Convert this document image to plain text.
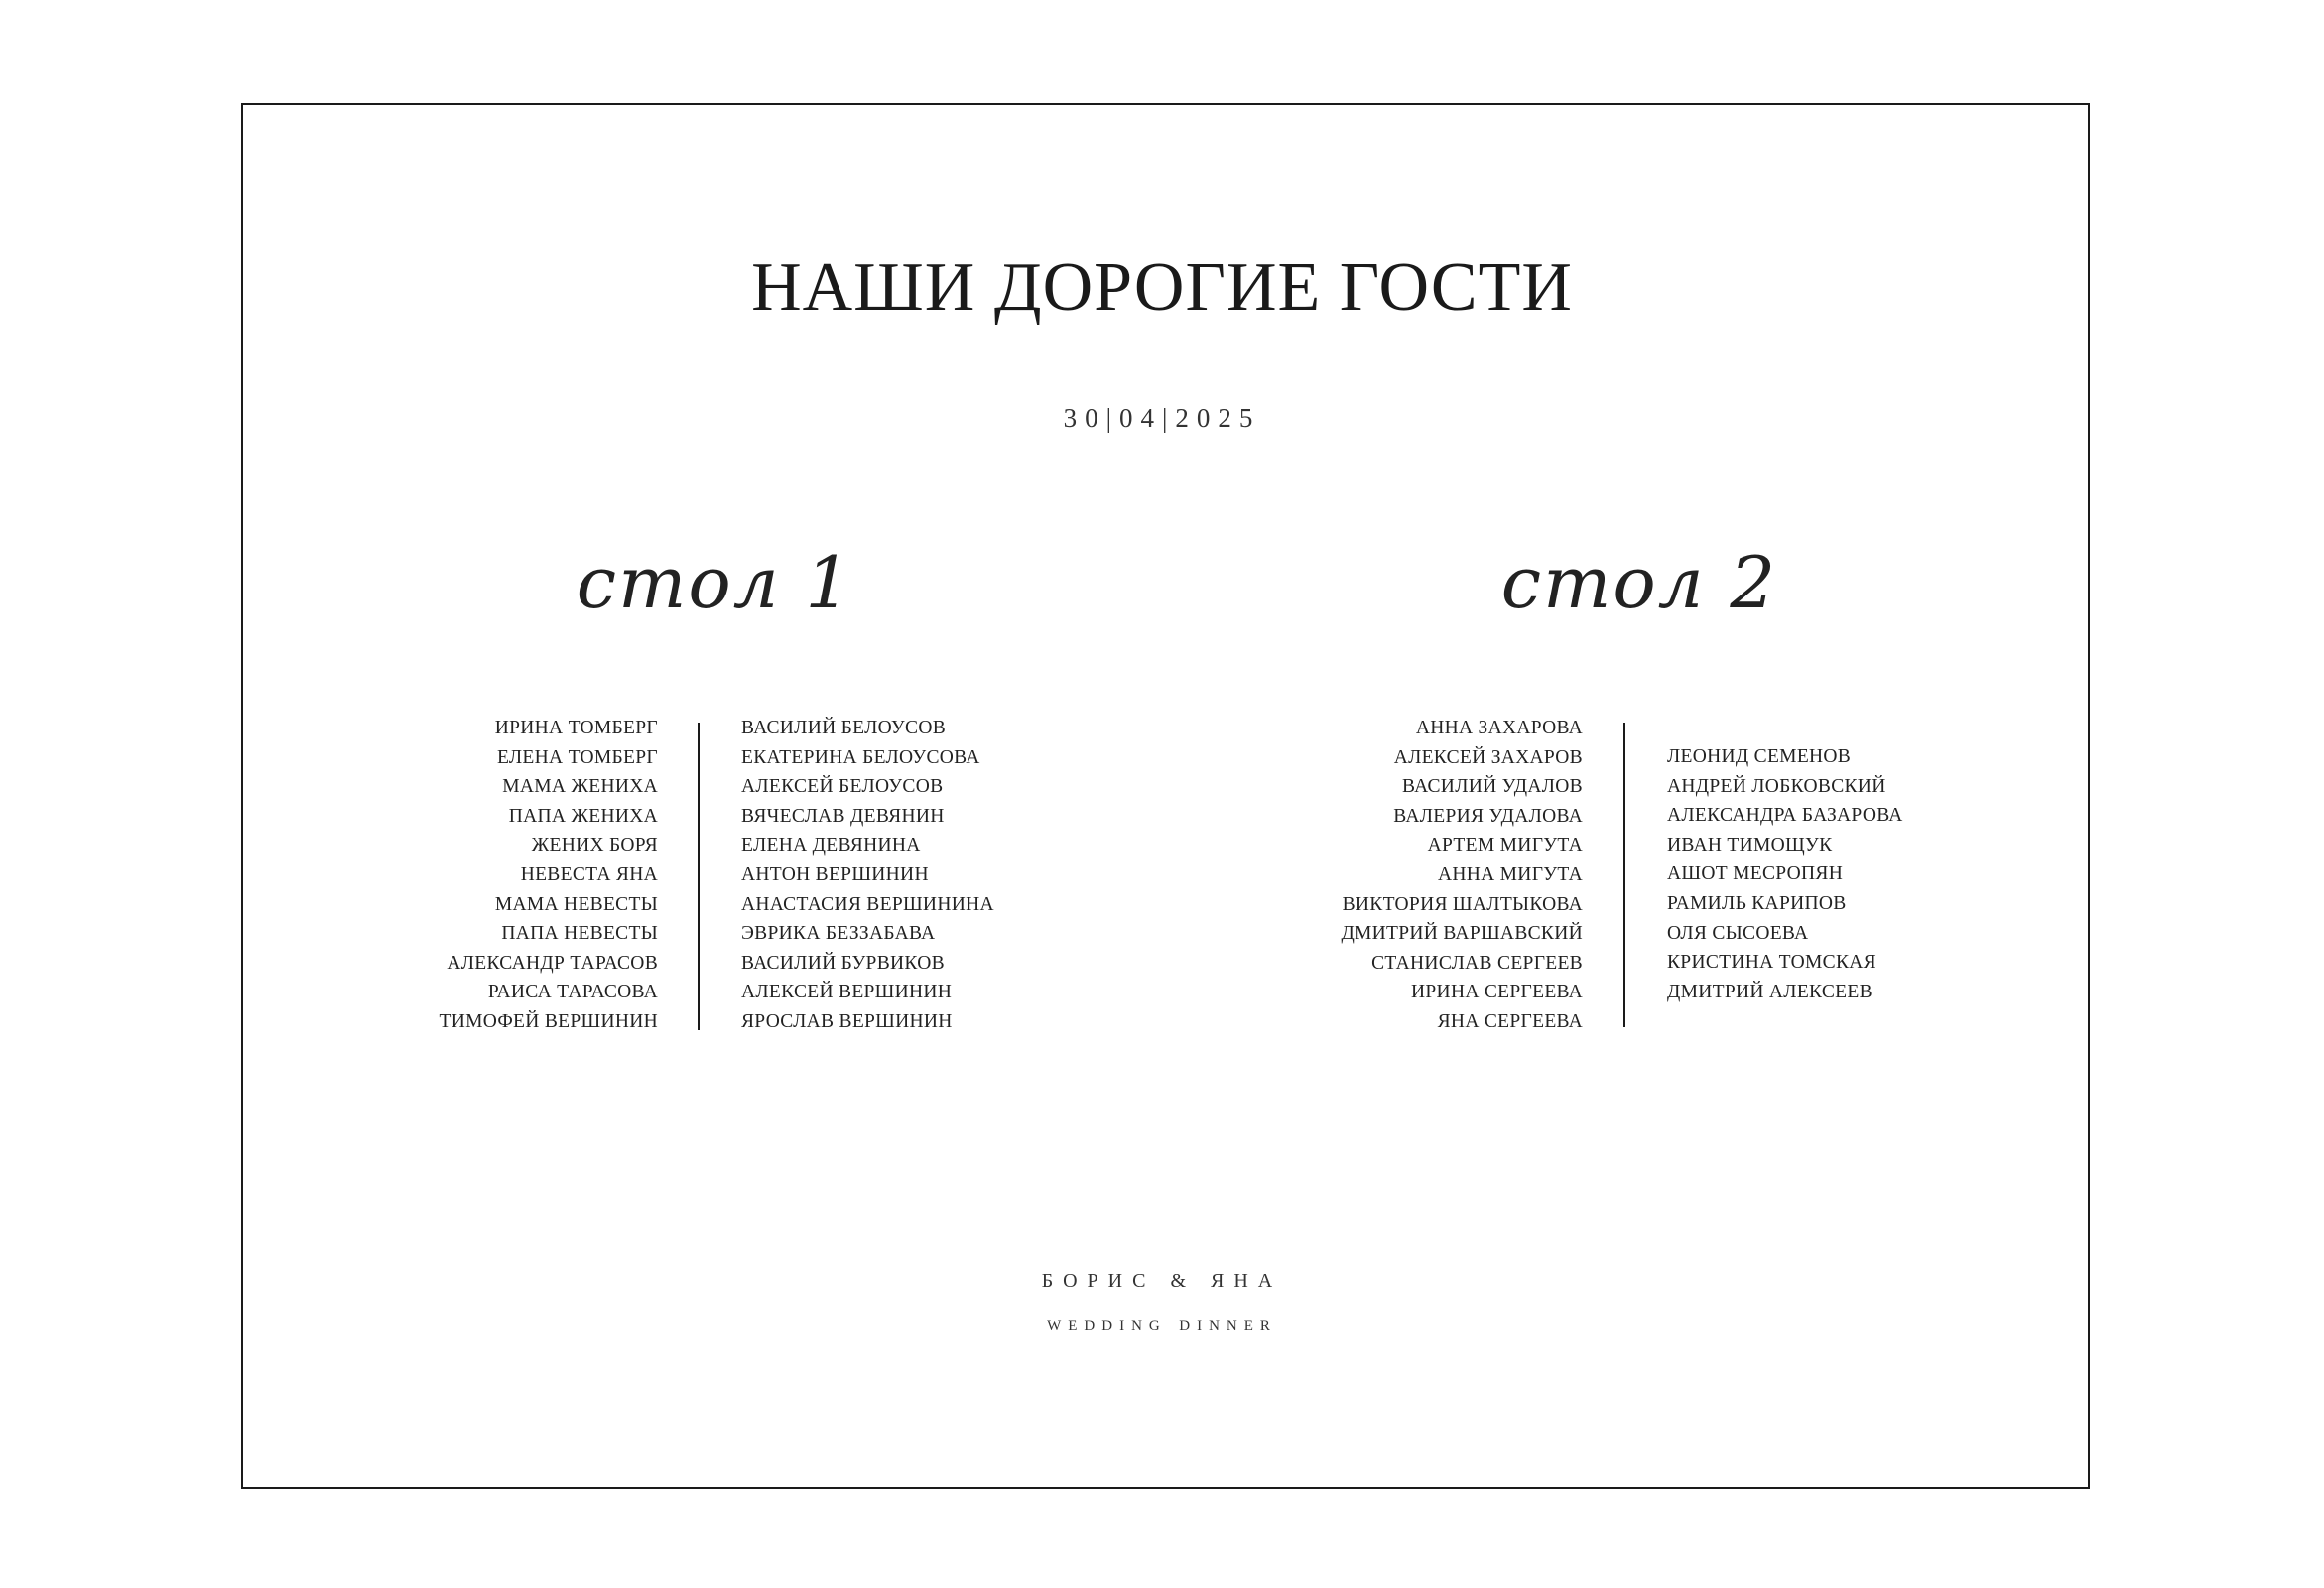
НАШИ ДОРОГИЕ ГОСТИ
30|04|2025
стол 1	стол 2
ИРИНА ТОМБЕРГ
ЕЛЕНА ТОМБЕРГ
МАМА ЖЕНИХА
ПАПА ЖЕНИХА
ЖЕНИХ БОРЯ
НЕВЕСТА ЯНА
МАМА НЕВЕСТЫ
ПАПА НЕВЕСТЫ
АЛЕКСАНДР ТАРАСОВ
РАИСА ТАРАСОВА
ТИМОФЕЙ ВЕРШИНИН
ВАСИЛИЙ БЕЛОУСОВ
ЕКАТЕРИНА БЕЛОУСОВА
АЛЕКСЕЙ БЕЛОУСОВ
ВЯЧЕСЛАВ ДЕВЯНИН
ЕЛЕНА ДЕВЯНИНА
АНТОН ВЕРШИНИН
АНАСТАСИЯ ВЕРШИНИНА
ЭВРИКА БЕЗЗАБАВА
ВАСИЛИЙ БУРВИКОВ
АЛЕКСЕЙ ВЕРШИНИН
ЯРОСЛАВ ВЕРШИНИН
АННА ЗАХАРОВА
АЛЕКСЕЙ ЗАХАРОВ
ВАСИЛИЙ УДАЛОВ
ВАЛЕРИЯ УДАЛОВА
АРТЕМ МИГУТА
АННА МИГУТА
ВИКТОРИЯ ШАЛТЫКОВА
ДМИТРИЙ ВАРШАВСКИЙ
СТАНИСЛАВ СЕРГЕЕВ
ИРИНА СЕРГЕЕВА
ЯНА СЕРГЕЕВА
ЛЕОНИД СЕМЕНОВ
АНДРЕЙ ЛОБКОВСКИЙ
АЛЕКСАНДРА БАЗАРОВА
ИВАН ТИМОЩУК
АШОТ МЕСРОПЯН
РАМИЛЬ КАРИПОВ
ОЛЯ СЫСОЕВА
КРИСТИНА ТОМСКАЯ
ДМИТРИЙ АЛЕКСЕЕВ
БОРИС & ЯНА
wedding dinner
